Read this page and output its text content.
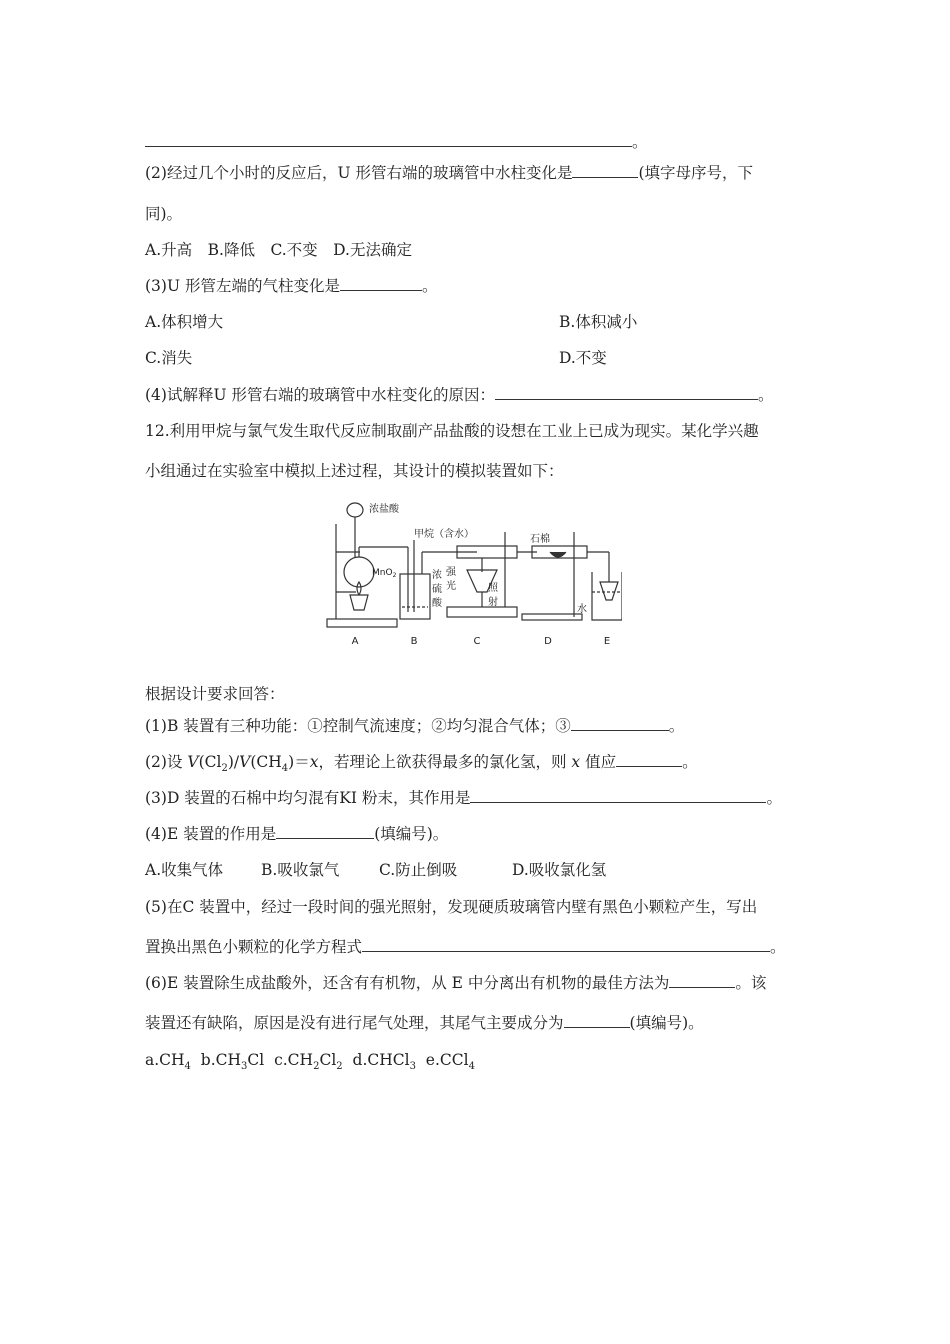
。
(2)经过几个小时的反应后，U 形管右端的玻璃管中水柱变化是	(填字母序号，下
同)。
A.升高　B.降低　C.不变　D.无法确定
(3)U 形管左端的气柱变化是	。
A.体积增大	B.体积减小
C.消失	D.不变
(4)试解释U 形管右端的玻璃管中水柱变化的原因：	。
12.利用甲烷与氯气发生取代反应制取副产品盐酸的设想在工业上已成为现实。某化学兴趣
小组通过在实验室中模拟上述过程，其设计的模拟装置如下：
浓盐酸
MnO$_2$
甲烷（含水）	石棉
浓
硫
酸
强
光	照
射
水
A	B	C	D	E
根据设计要求回答：
(1)B 装置有三种功能：①控制气流速度；②均匀混合气体；③	。
(2)设 $V(Cl_2)/V(CH_4)=x$，若理论上欲获得最多的氯化氢，则 x 值应	。
(3)D 装置的石棉中均匀混有KI 粉末，其作用是	。
(4)E 装置的作用是	(填编号)。
A.收集气体 B.吸收氯气	C.防止倒吸	D.吸收氯化氢
(5)在C 装置中，经过一段时间的强光照射，发现硬质玻璃管内壁有黑色小颗粒产生，写出
置换出黑色小颗粒的化学方程式	。
(6)E 装置除生成盐酸外，还含有有机物，从 E 中分离出有机物的最佳方法为	。该
装置还有缺陷，原因是没有进行尾气处理，其尾气主要成分为	(填编号)。
$a.CH_4$ $b.CH_3Cl$ $c.CH_2Cl_2$ d.CHCl$_3$ e.CCl$_4$
